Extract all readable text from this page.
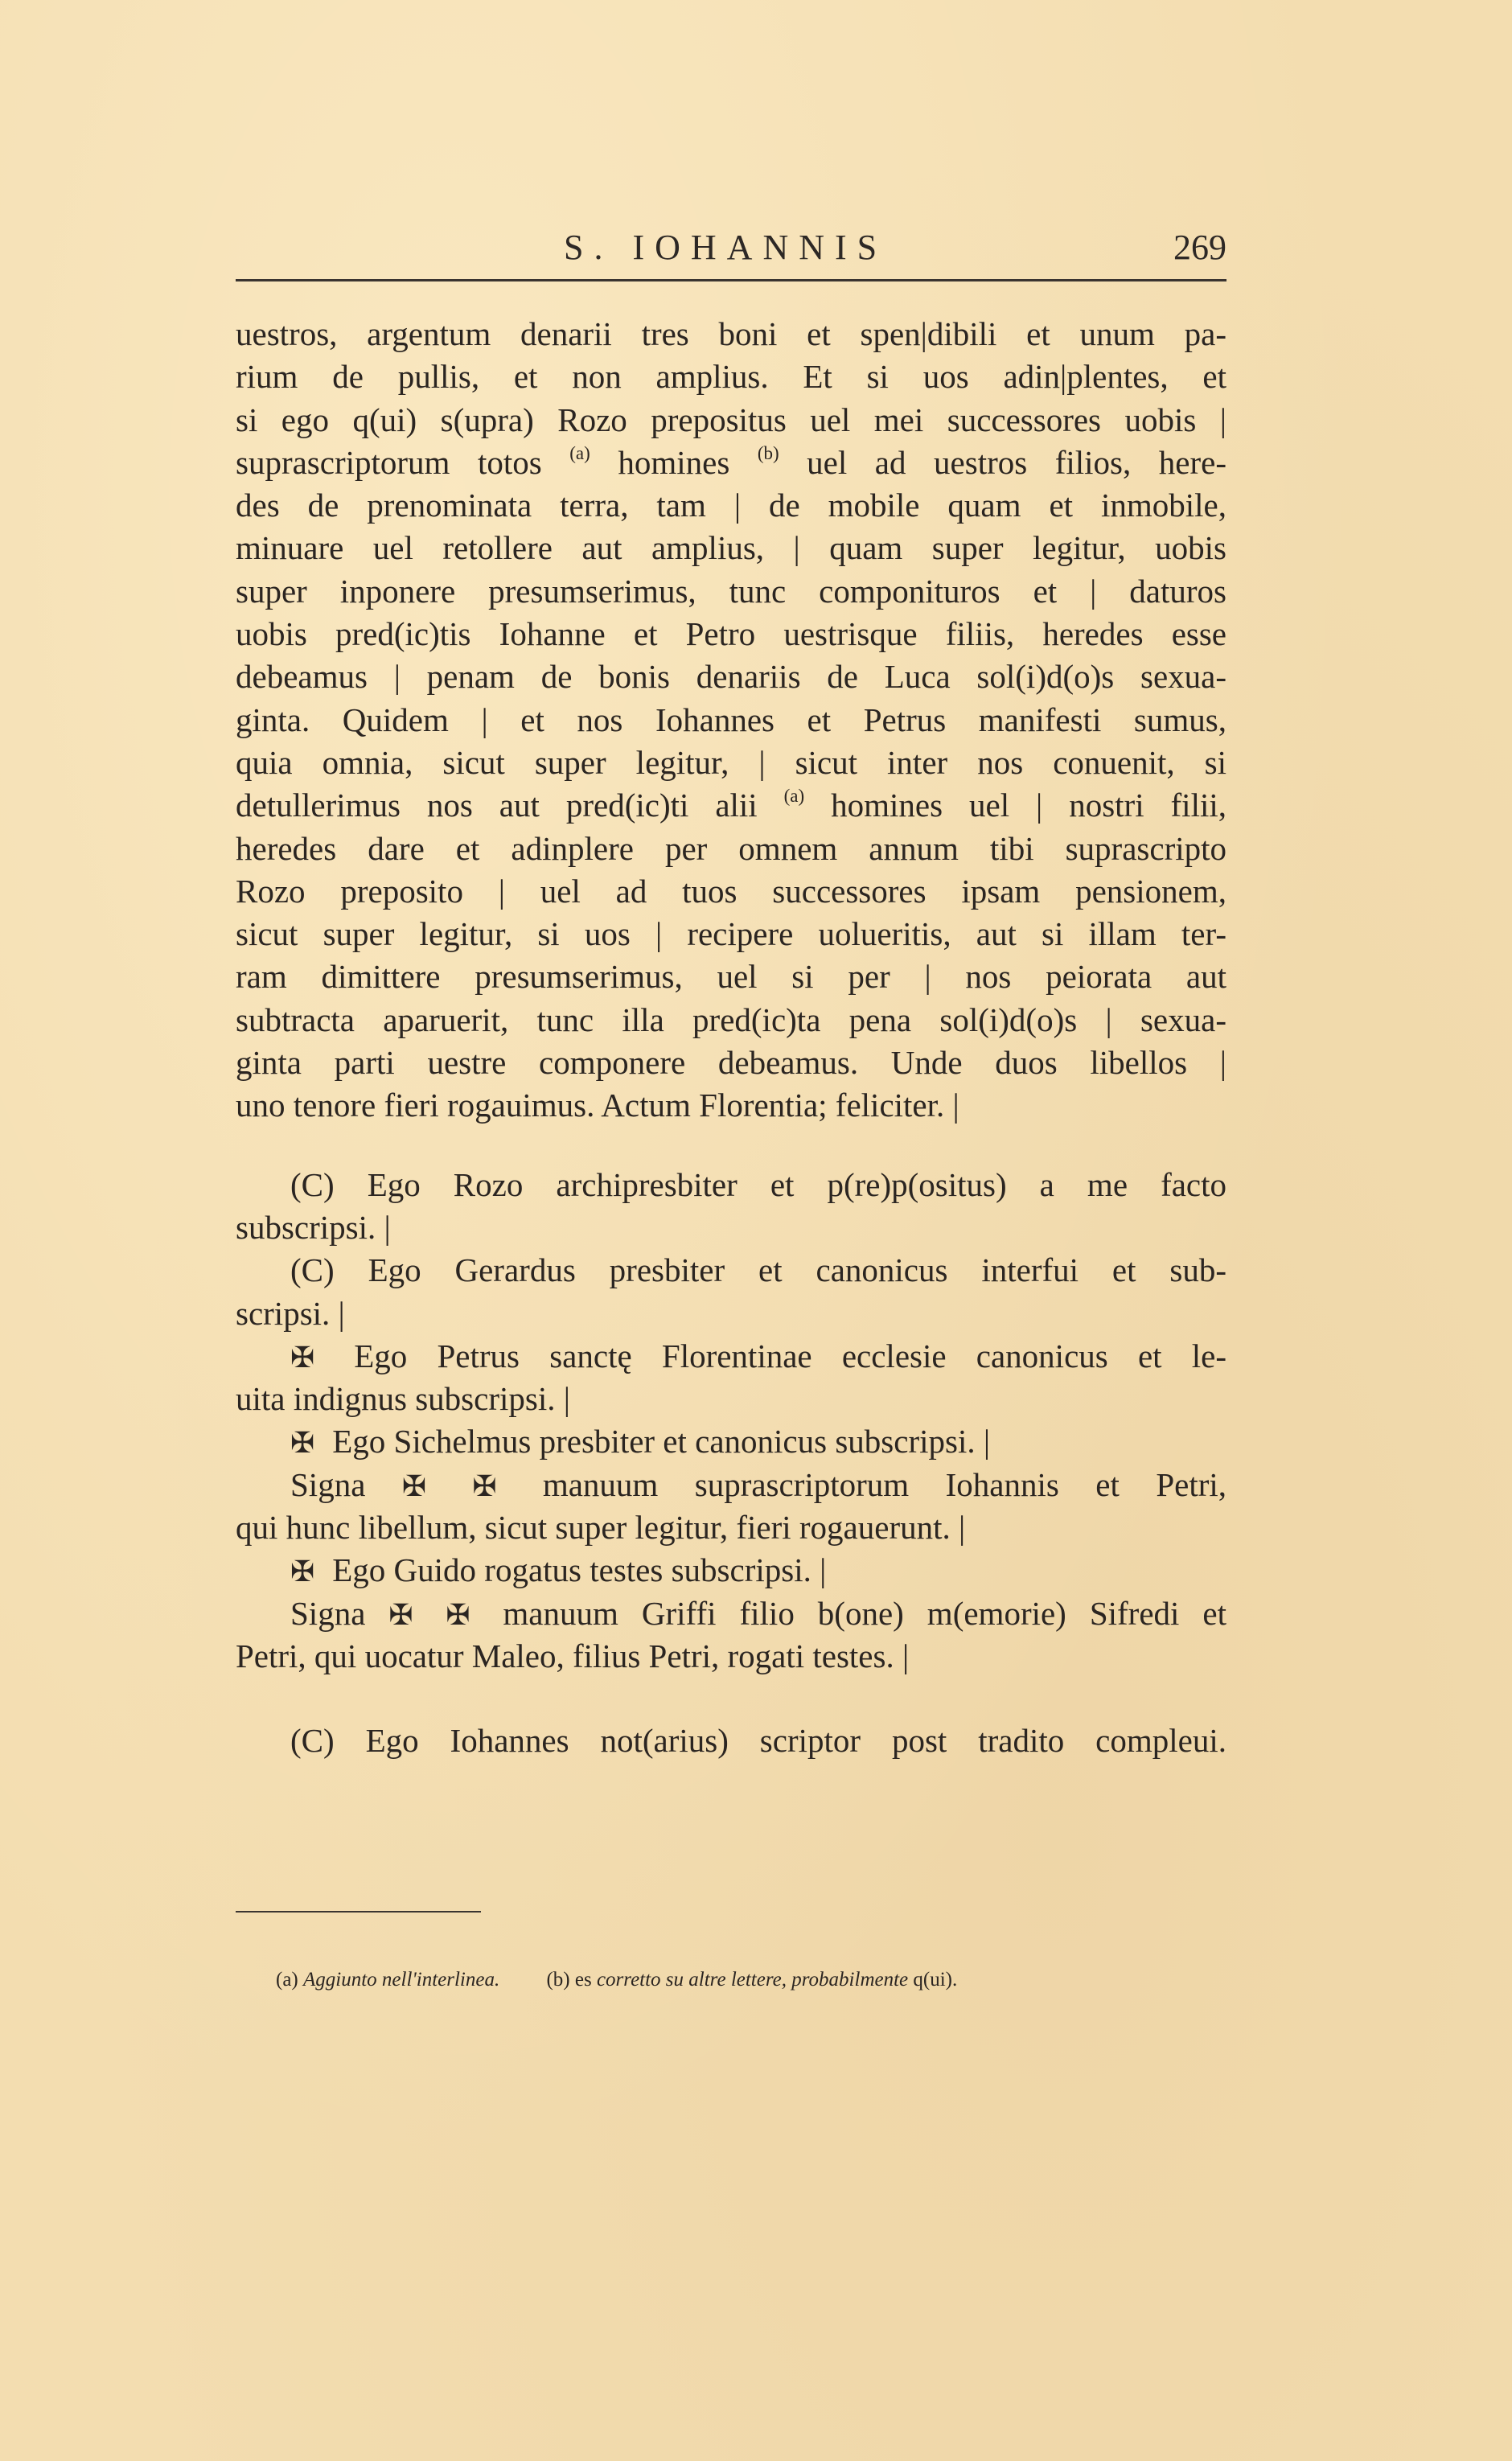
S. IOHANNIS	269
uestros, argentum denarii tres boni et spen|dibili et unum pa-
rium de pullis, et non amplius. Et si uos adin|plentes, et
si ego q(ui) s(upra) Rozo prepositus uel mei successores uobis |
suprascriptorum totos $^{(a)}$ homines $^{(b)}$ uel ad uestros filios, here-
des de prenominata terra, tam | de mobile quam et inmobile,
minuare uel retollere aut amplius, | quam super legitur, uobis
super inponere presumserimus, tunc componituros et | daturos
uobis pred(ic)tis Iohanne et Petro uestrisque filiis, heredes esse
debeamus | penam de bonis denariis de Luca sol(i)d(o)s sexua-
ginta. Quidem | et nos Iohannes et Petrus manifesti sumus,
quia omnia, sicut super legitur, | sicut inter nos conuenit, si
detullerimus nos aut pred(ic)ti alii $^{(a)}$ homines uel | nostri filii,
heredes dare et adinplere per omnem annum tibi suprascripto
Rozo preposito | uel ad tuos successores ipsam pensionem,
sicut super legitur, si uos | recipere uolueritis, aut si illam ter-
ram dimittere presumserimus, uel si per | nos peiorata aut
subtracta aparuerit, tunc illa pred(ic)ta pena sol(i)d(o)s | sexua-
ginta parti uestre componere debeamus. Unde duos libellos |
uno tenore fieri rogauimus. Actum Florentia; feliciter. |
(C) Ego Rozo archipresbiter et p(re)p(ositus) a me facto
subscripsi. |
(C) Ego Gerardus presbiter et canonicus interfui et sub-
scripsi. |
✠ Ego Petrus sanctę Florentinae ecclesie canonicus et le-
uita indignus subscripsi. |
✠ Ego Sichelmus presbiter et canonicus subscripsi. |
Signa ✠ ✠ manuum suprascriptorum Iohannis et Petri,
qui hunc libellum, sicut super legitur, fieri rogauerunt. |
✠ Ego Guido rogatus testes subscripsi. |
Signa ✠ ✠ manuum Griffi filio b(one) m(emorie) Sifredi et
Petri, qui uocatur Maleo, filius Petri, rogati testes. |
(C) Ego Iohannes not(arius) scriptor post tradito compleui.
(a) Aggiunto nell'interlinea. (b) es corretto su altre lettere, probabilmente q(ui).
